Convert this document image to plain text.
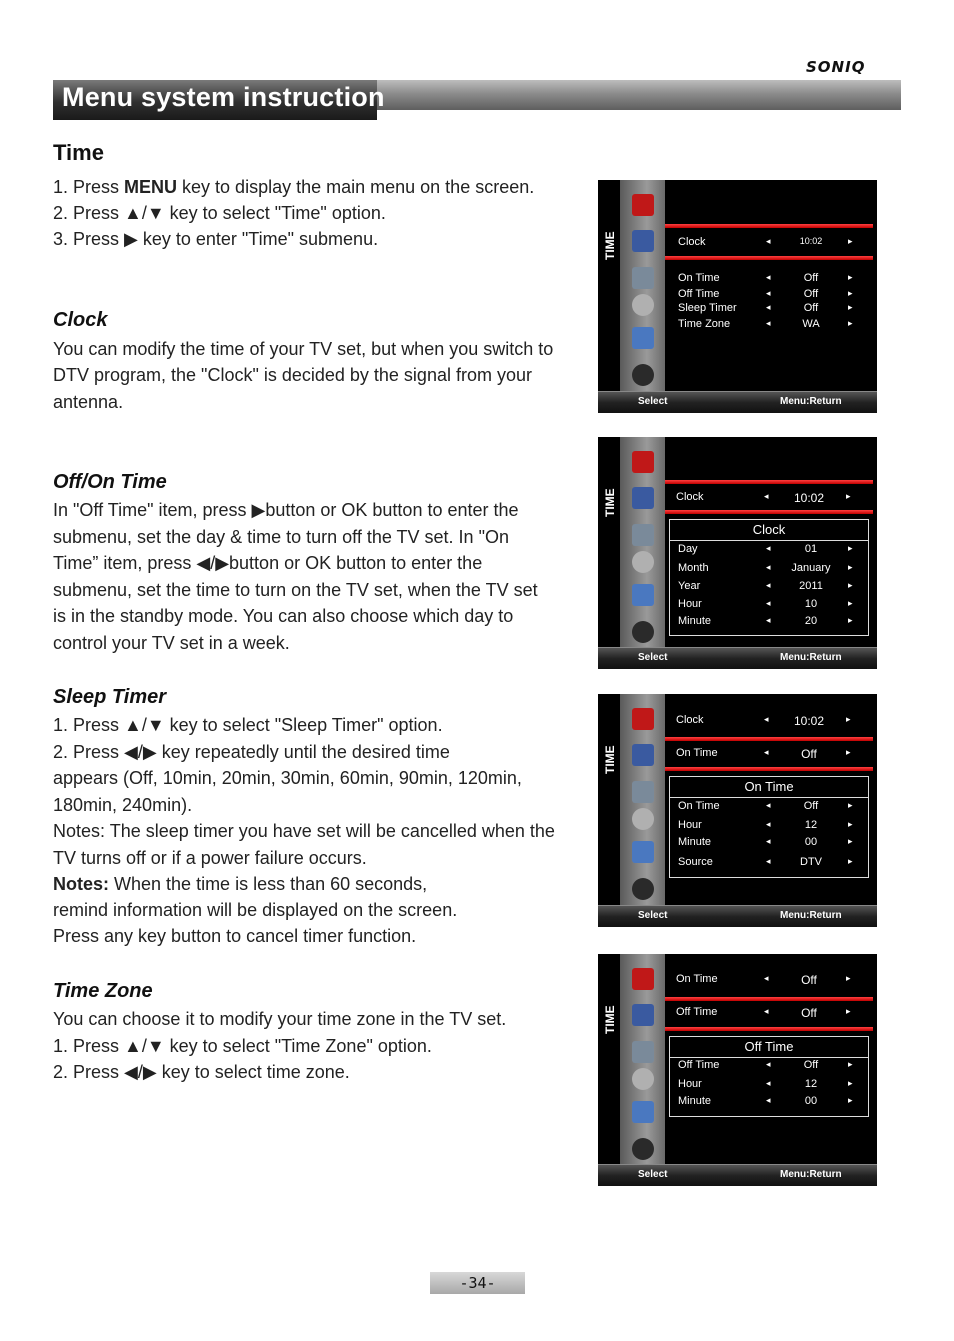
SONIQ
Menu system instruction
Time
1. Press MENU key to display the main menu on the screen.
2. Press ▲/▼ key to select "Time" option.
3. Press ▶ key to enter "Time" submenu.
Clock
You can modify the time of your TV set, but when you switch to
DTV program, the "Clock" is decided by the signal from your
antenna.
Off/On Time
In "Off Time" item, press ▶button or OK button to enter the
submenu, set the day & time to turn off the TV set. In "On
Time” item, press ◀/▶button or OK button to enter the
submenu, set the time to turn on the TV set, when the TV set
is in the standby mode. You can also choose which day to
control your TV set in a week.
Sleep Timer
1. Press ▲/▼ key to select "Sleep Timer" option.
2. Press ◀/▶ key repeatedly until the desired time
appears (Off, 10min, 20min, 30min, 60min, 90min, 120min,
180min, 240min).
Notes: The sleep timer you have set will be cancelled when the
TV turns off or if a power failure occurs.
Notes: When the time is less than 60 seconds,
remind information will be displayed on the screen.
Press any key button to cancel timer function.
Time Zone
You can choose it to modify your time zone in the TV set.
1. Press ▲/▼ key to select "Time Zone" option.
2. Press ◀/▶ key to select time zone.
TIME	Clock	◂	10:02	▸
On Time	◂	Off	▸
Off Time	◂	Off	▸
Sleep Timer	◂	Off	▸
Time Zone	◂	WA	▸
Select	Menu:Return
TIME	Clock	◂	10:02	▸
Clock
Day	◂	01	▸
Month	◂	January	▸
Year	◂	2011	▸
Hour	◂	10	▸
Minute	◂	20	▸
Select	Menu:Return
TIME
Clock	◂	10:02	▸
On Time	◂	Off	▸
On Time
On Time	◂	Off	▸
Hour	◂	12	▸
Minute	◂	00	▸
Source	◂	DTV	▸
Select	Menu:Return
TIME
On Time	◂	Off	▸
Off Time	◂	Off	▸
Off Time
Off Time	◂	Off	▸
Hour	◂	12	▸
Minute	◂	00	▸
Select	Menu:Return
-34-
